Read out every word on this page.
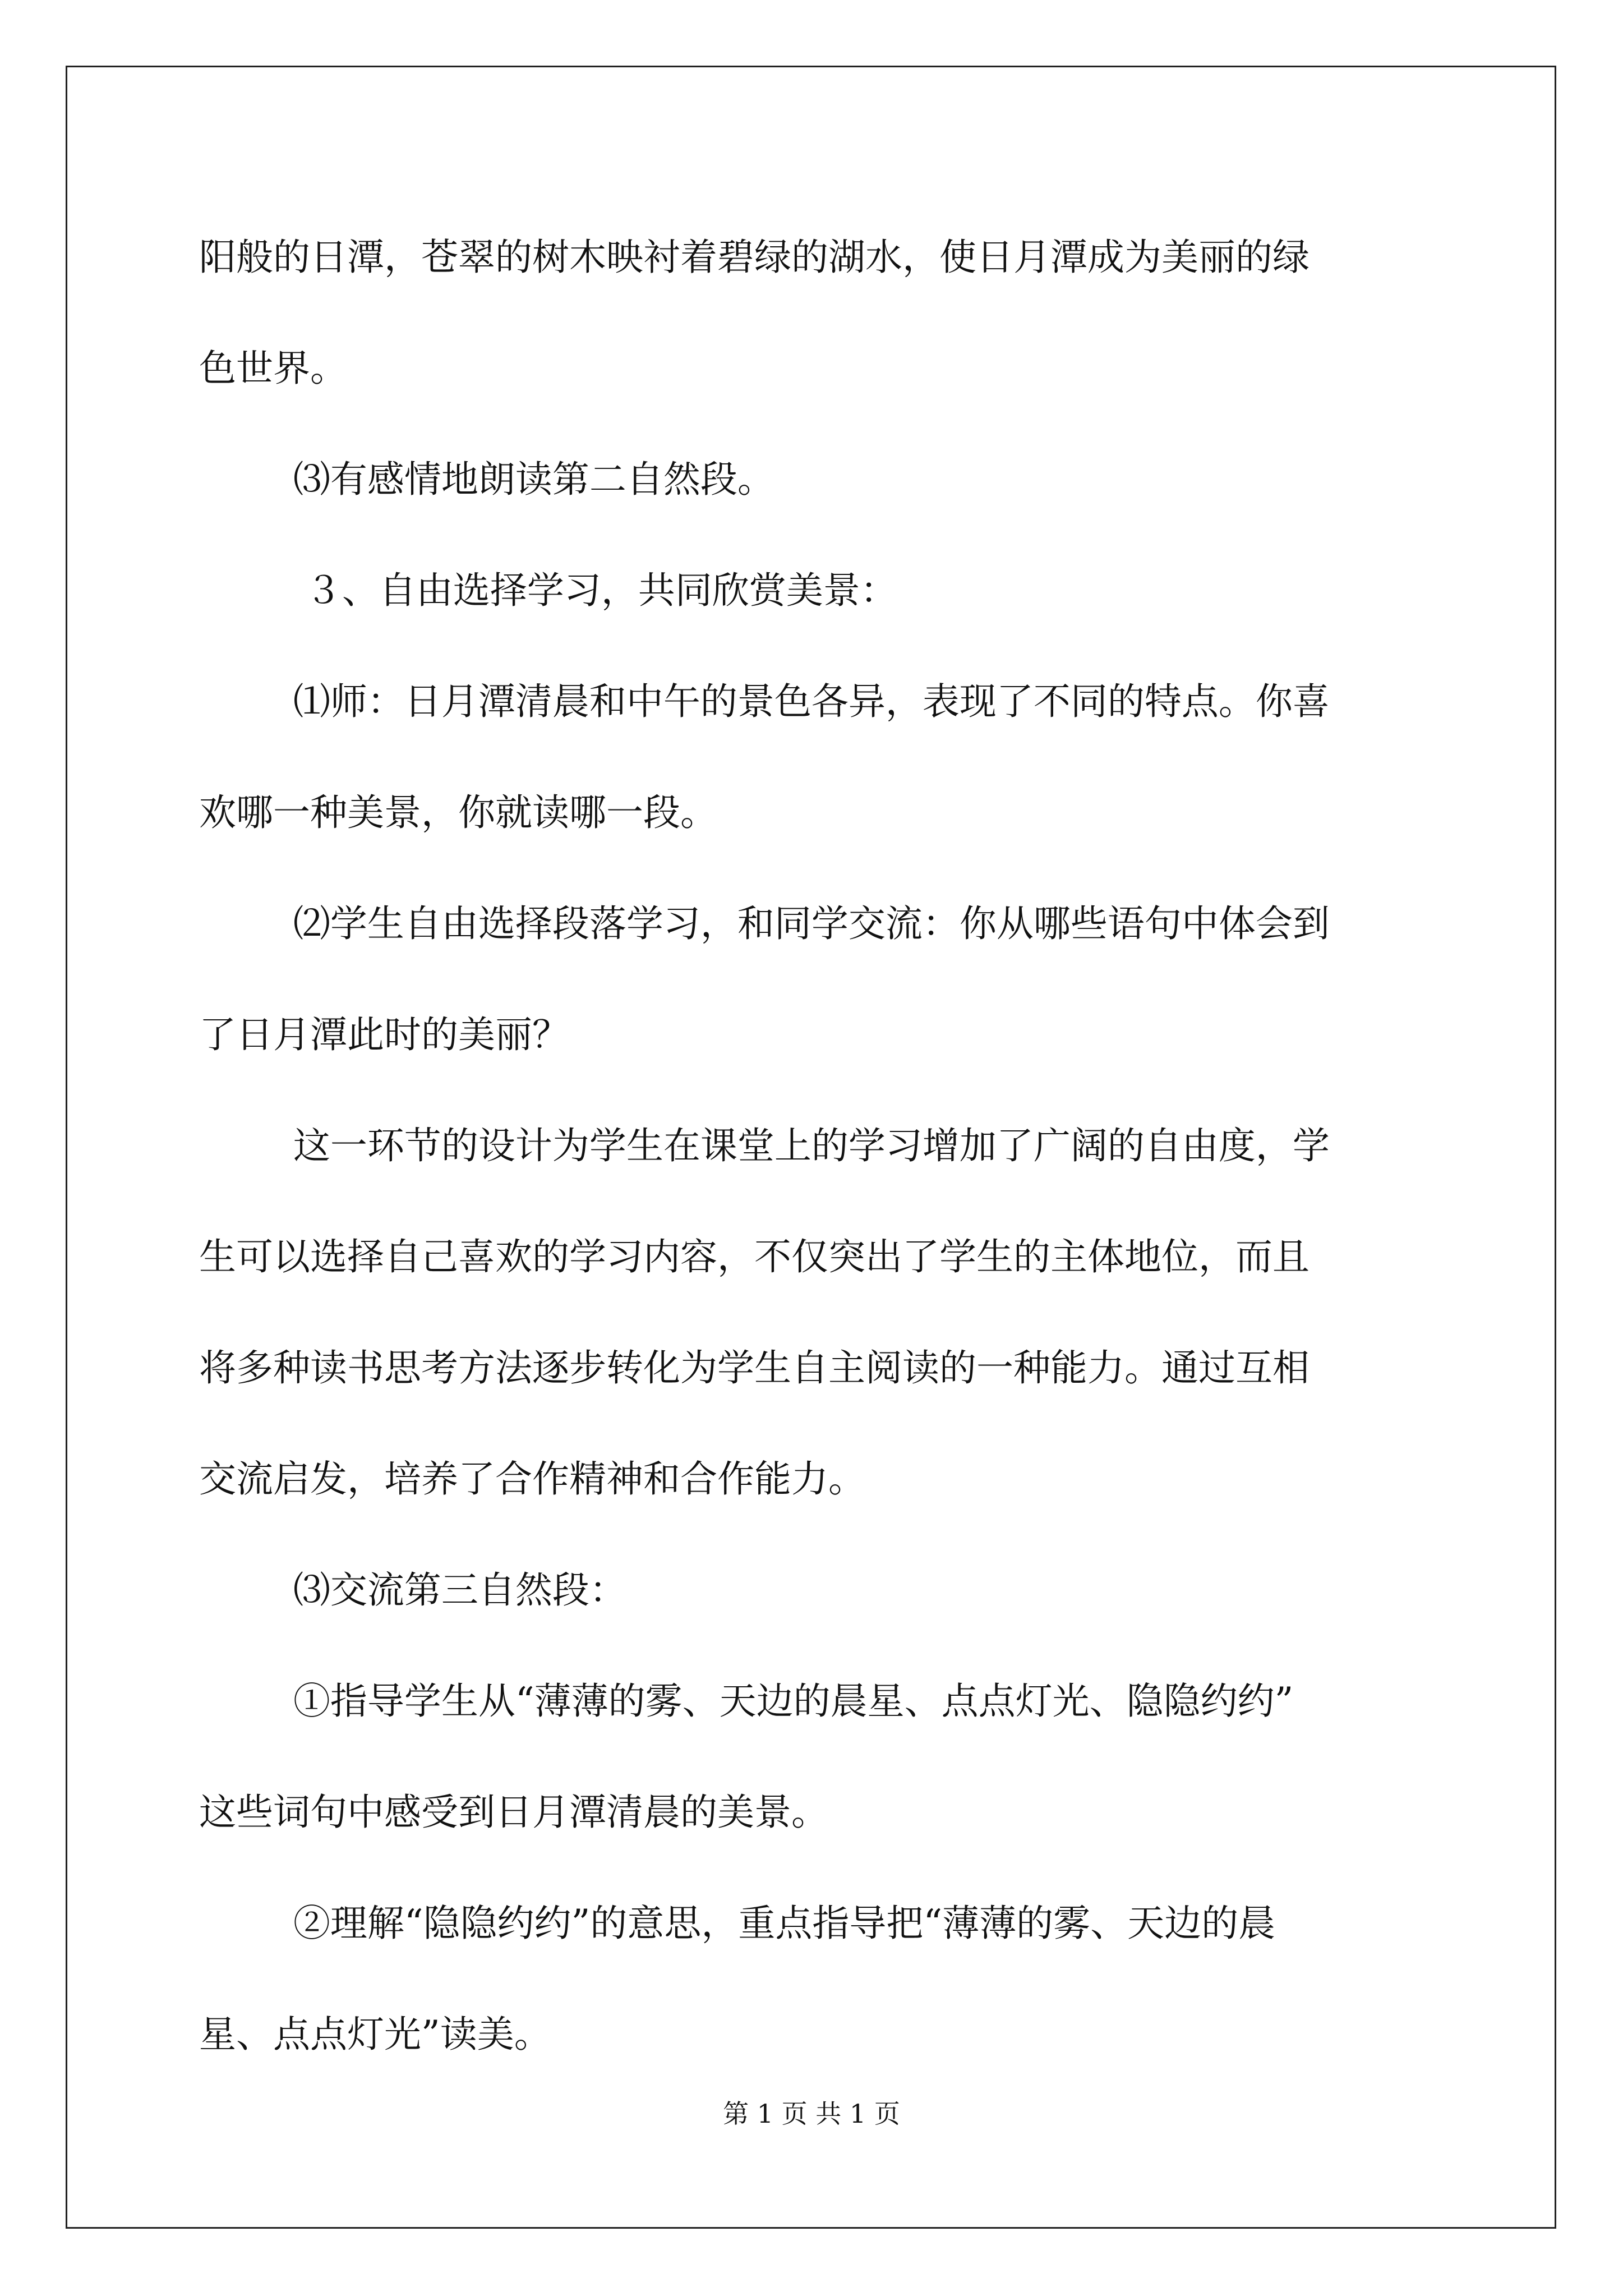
阳般的日潭，苍翠的树木映衬着碧绿的湖水，使日月潭成为美丽的绿

色世界。

⑶有感情地朗读第二自然段。

３、自由选择学习，共同欣赏美景：

⑴师：日月潭清晨和中午的景色各异，表现了不同的特点。你喜

欢哪一种美景，你就读哪一段。

⑵学生自由选择段落学习，和同学交流：你从哪些语句中体会到

了日月潭此时的美丽？

这一环节的设计为学生在课堂上的学习增加了广阔的自由度，学

生可以选择自己喜欢的学习内容，不仅突出了学生的主体地位，而且

将多种读书思考方法逐步转化为学生自主阅读的一种能力。通过互相

交流启发，培养了合作精神和合作能力。

⑶交流第三自然段：

①指导学生从“薄薄的雾、天边的晨星、点点灯光、隐隐约约”

这些词句中感受到日月潭清晨的美景。

②理解“隐隐约约”的意思，重点指导把“薄薄的雾、天边的晨

星、点点灯光”读美。

第 1 页 共 1 页
